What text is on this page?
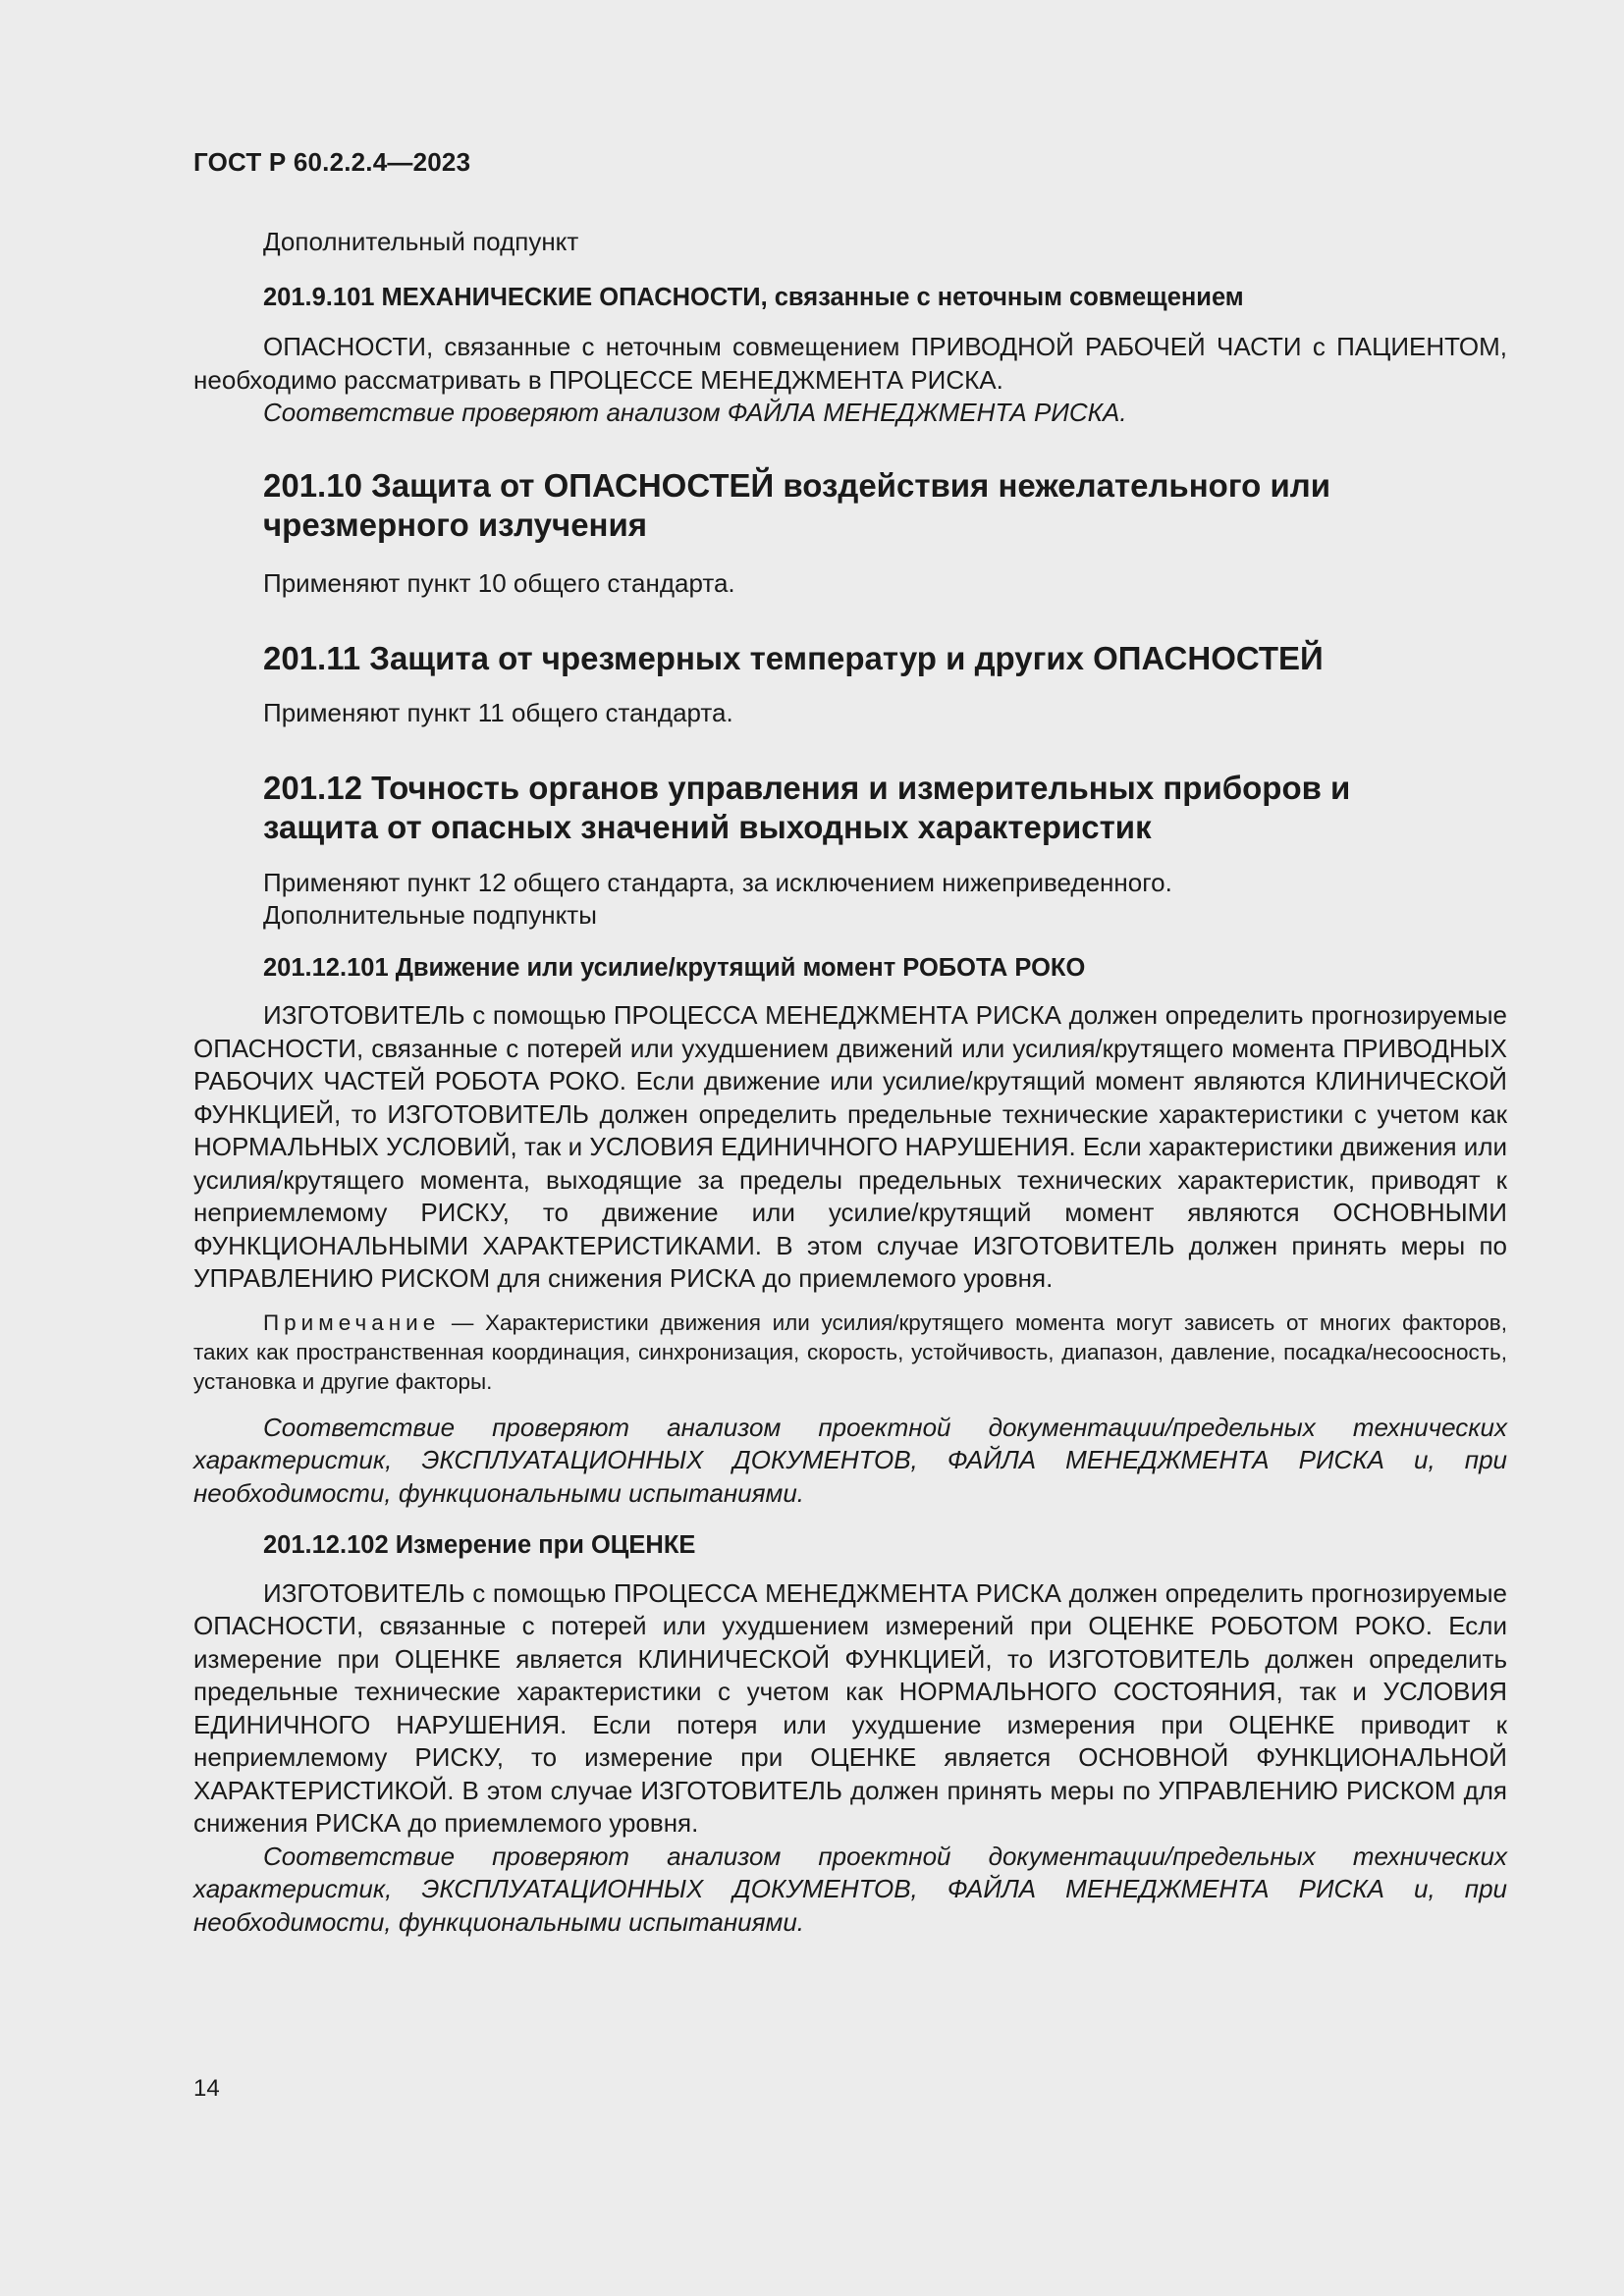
ГОСТ Р 60.2.2.4—2023

Дополнительный подпункт

201.9.101 МЕХАНИЧЕСКИЕ ОПАСНОСТИ, связанные с неточным совмещением

ОПАСНОСТИ, связанные с неточным совмещением ПРИВОДНОЙ РАБОЧЕЙ ЧАСТИ с ПАЦИЕНТОМ, необходимо рассматривать в ПРОЦЕССЕ МЕНЕДЖМЕНТА РИСКА.

Соответствие проверяют анализом ФАЙЛА МЕНЕДЖМЕНТА РИСКА.

201.10 Защита от ОПАСНОСТЕЙ воздействия нежелательного или чрезмерного излучения

Применяют пункт 10 общего стандарта.

201.11 Защита от чрезмерных температур и других ОПАСНОСТЕЙ

Применяют пункт 11 общего стандарта.

201.12 Точность органов управления и измерительных приборов и защита от опасных значений выходных характеристик

Применяют пункт 12 общего стандарта, за исключением нижеприведенного.

Дополнительные подпункты

201.12.101 Движение или усилие/крутящий момент РОБОТА РОКО

ИЗГОТОВИТЕЛЬ с помощью ПРОЦЕССА МЕНЕДЖМЕНТА РИСКА должен определить прогнозируемые ОПАСНОСТИ, связанные с потерей или ухудшением движений или усилия/крутящего момента ПРИВОДНЫХ РАБОЧИХ ЧАСТЕЙ РОБОТА РОКО. Если движение или усилие/крутящий момент являются КЛИНИЧЕСКОЙ ФУНКЦИЕЙ, то ИЗГОТОВИТЕЛЬ должен определить предельные технические характеристики с учетом как НОРМАЛЬНЫХ УСЛОВИЙ, так и УСЛОВИЯ ЕДИНИЧНОГО НАРУШЕНИЯ. Если характеристики движения или усилия/крутящего момента, выходящие за пределы предельных технических характеристик, приводят к неприемлемому РИСКУ, то движение или усилие/крутящий момент являются ОСНОВНЫМИ ФУНКЦИОНАЛЬНЫМИ ХАРАКТЕРИСТИКАМИ. В этом случае ИЗГОТОВИТЕЛЬ должен принять меры по УПРАВЛЕНИЮ РИСКОМ для снижения РИСКА до приемлемого уровня.

Примечание — Характеристики движения или усилия/крутящего момента могут зависеть от многих факторов, таких как пространственная координация, синхронизация, скорость, устойчивость, диапазон, давление, посадка/несоосность, установка и другие факторы.

Соответствие проверяют анализом проектной документации/предельных технических характеристик, ЭКСПЛУАТАЦИОННЫХ ДОКУМЕНТОВ, ФАЙЛА МЕНЕДЖМЕНТА РИСКА и, при необходимости, функциональными испытаниями.

201.12.102 Измерение при ОЦЕНКЕ

ИЗГОТОВИТЕЛЬ с помощью ПРОЦЕССА МЕНЕДЖМЕНТА РИСКА должен определить прогнозируемые ОПАСНОСТИ, связанные с потерей или ухудшением измерений при ОЦЕНКЕ РОБОТОМ РОКО. Если измерение при ОЦЕНКЕ является КЛИНИЧЕСКОЙ ФУНКЦИЕЙ, то ИЗГОТОВИТЕЛЬ должен определить предельные технические характеристики с учетом как НОРМАЛЬНОГО СОСТОЯНИЯ, так и УСЛОВИЯ ЕДИНИЧНОГО НАРУШЕНИЯ. Если потеря или ухудшение измерения при ОЦЕНКЕ приводит к неприемлемому РИСКУ, то измерение при ОЦЕНКЕ является ОСНОВНОЙ ФУНКЦИОНАЛЬНОЙ ХАРАКТЕРИСТИКОЙ. В этом случае ИЗГОТОВИТЕЛЬ должен принять меры по УПРАВЛЕНИЮ РИСКОМ для снижения РИСКА до приемлемого уровня.

Соответствие проверяют анализом проектной документации/предельных технических характеристик, ЭКСПЛУАТАЦИОННЫХ ДОКУМЕНТОВ, ФАЙЛА МЕНЕДЖМЕНТА РИСКА и, при необходимости, функциональными испытаниями.

14
